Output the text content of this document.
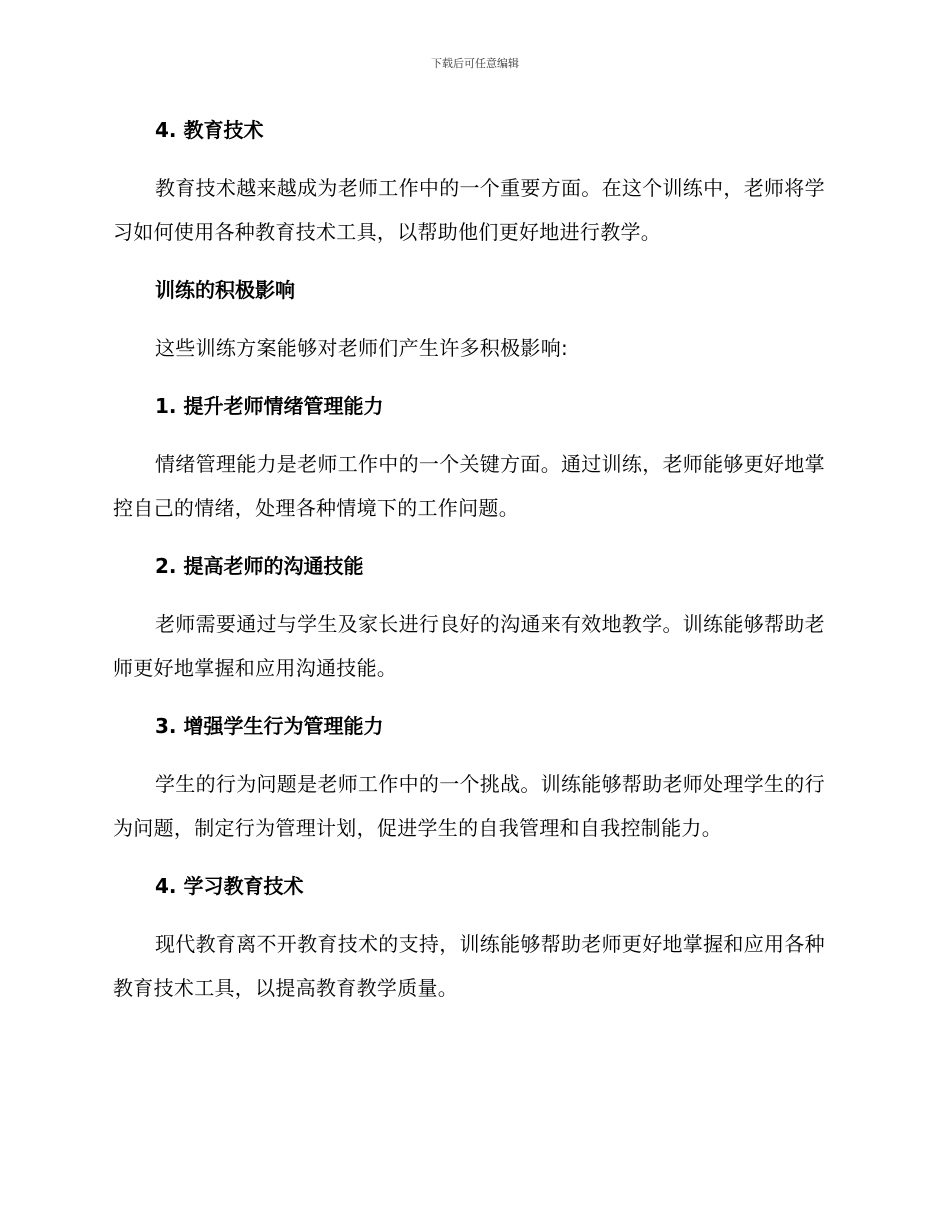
下载后可任意编辑
4. 教育技术

教育技术越来越成为老师工作中的一个重要方面。在这个训练中，老师将学习如何使用各种教育技术工具，以帮助他们更好地进行教学。

训练的积极影响

这些训练方案能够对老师们产生许多积极影响:

1. 提升老师情绪管理能力

情绪管理能力是老师工作中的一个关键方面。通过训练，老师能够更好地掌控自己的情绪，处理各种情境下的工作问题。

2. 提高老师的沟通技能

老师需要通过与学生及家长进行良好的沟通来有效地教学。训练能够帮助老师更好地掌握和应用沟通技能。

3. 增强学生行为管理能力

学生的行为问题是老师工作中的一个挑战。训练能够帮助老师处理学生的行为问题，制定行为管理计划，促进学生的自我管理和自我控制能力。

4. 学习教育技术

现代教育离不开教育技术的支持，训练能够帮助老师更好地掌握和应用各种教育技术工具，以提高教育教学质量。
